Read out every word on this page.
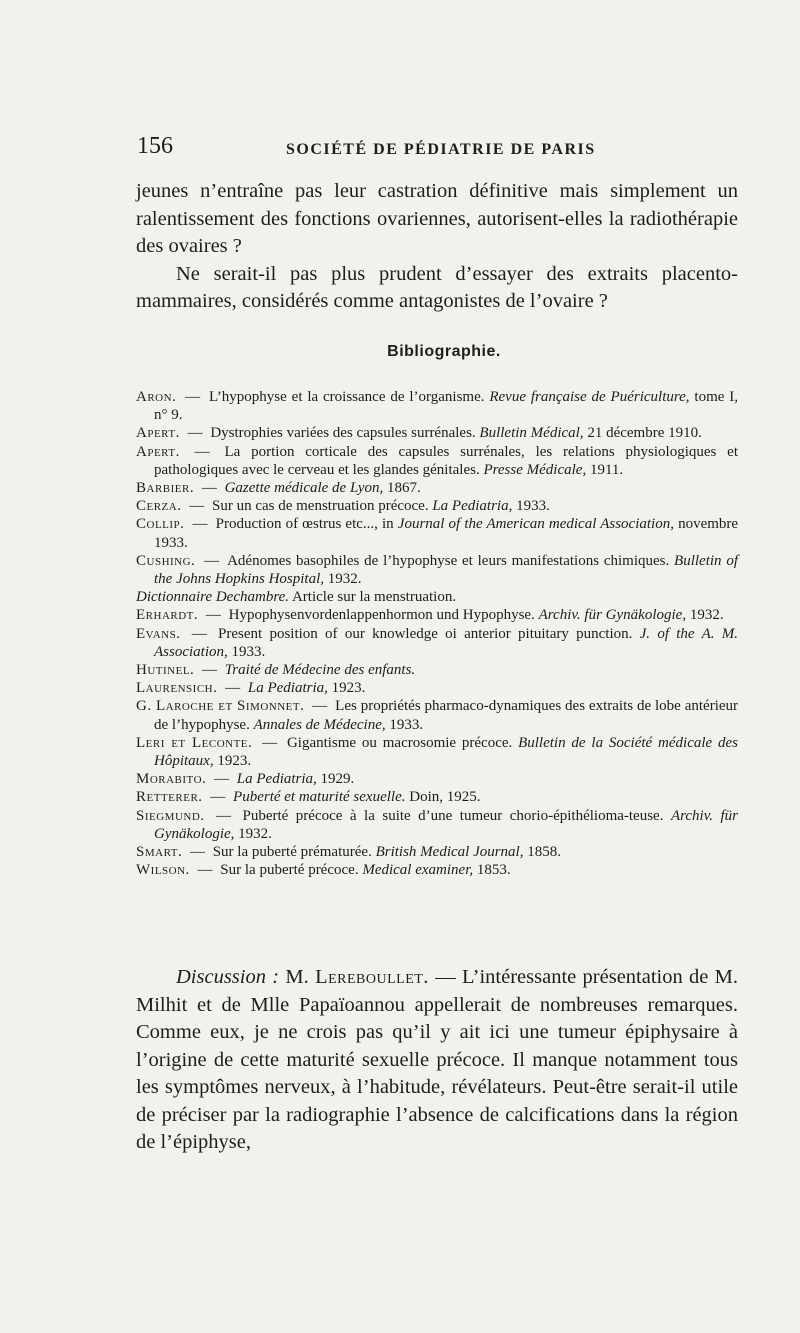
156	SOCIÉTÉ DE PÉDIATRIE DE PARIS

jeunes n’entraîne pas leur castration définitive mais simplement un ralentissement des fonctions ovariennes, autorisent-elles la radiothérapie des ovaires ?

Ne serait-il pas plus prudent d’essayer des extraits placento-mammaires, considérés comme antagonistes de l’ovaire ?

Bibliographie.

Aron. — L’hypophyse et la croissance de l’organisme. Revue française de Puériculture, tome I, n° 9.

Apert. — Dystrophies variées des capsules surrénales. Bulletin Médical, 21 décembre 1910.

Apert. — La portion corticale des capsules surrénales, les relations physiologiques et pathologiques avec le cerveau et les glandes génitales. Presse Médicale, 1911.

Barbier. — Gazette médicale de Lyon, 1867.

Cerza. — Sur un cas de menstruation précoce. La Pediatria, 1933.

Collip. — Production of œstrus etc..., in Journal of the American medical Association, novembre 1933.

Cushing. — Adénomes basophiles de l’hypophyse et leurs manifestations chimiques. Bulletin of the Johns Hopkins Hospital, 1932.

Dictionnaire Dechambre. Article sur la menstruation.

Erhardt. — Hypophysenvordenlappenhormon und Hypophyse. Archiv. für Gynäkologie, 1932.

Evans. — Present position of our knowledge oi anterior pituitary punction. J. of the A. M. Association, 1933.

Hutinel. — Traité de Médecine des enfants.

Laurensich. — La Pediatria, 1923.

G. Laroche et Simonnet. — Les propriétés pharmaco-dynamiques des extraits de lobe antérieur de l’hypophyse. Annales de Médecine, 1933.

Leri et Leconte. — Gigantisme ou macrosomie précoce. Bulletin de la Société médicale des Hôpitaux, 1923.

Morabito. — La Pediatria, 1929.

Retterer. — Puberté et maturité sexuelle. Doin, 1925.

Siegmund. — Puberté précoce à la suite d’une tumeur chorio-épithélioma-teuse. Archiv. für Gynäkologie, 1932.

Smart. — Sur la puberté prématurée. British Medical Journal, 1858.

Wilson. — Sur la puberté précoce. Medical examiner, 1853.

Discussion : M. Lereboullet. — L’intéressante présentation de M. Milhit et de Mlle Papaïoannou appellerait de nombreuses remarques. Comme eux, je ne crois pas qu’il y ait ici une tumeur épiphysaire à l’origine de cette maturité sexuelle précoce. Il manque notamment tous les symptômes nerveux, à l’habitude, révélateurs. Peut-être serait-il utile de préciser par la radiographie l’absence de calcifications dans la région de l’épiphyse,
